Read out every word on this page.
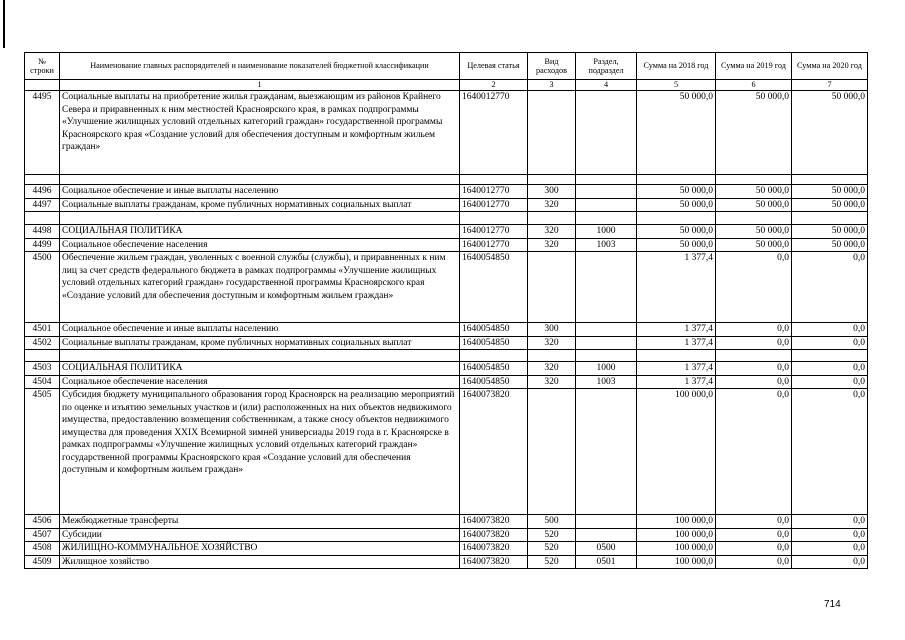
№ строки	Наименование главных распорядителей и наименование показателей бюджетной классификации	Целевая статья	Вид расходов	Раздел, подраздел	Сумма на 2018 год	Сумма на 2019 год	Сумма на 2020 год
	1	2	3	4	5	6	7
4495	Социальные выплаты на приобретение жилья гражданам, выезжающим из районов Крайнего Севера и приравненных к ним местностей Красноярского края, в рамках подпрограммы «Улучшение жилищных условий отдельных категорий граждан» государственной программы Красноярского края «Создание условий для обеспечения доступным и комфортным жильем граждан»	1640012770			50 000,0	50 000,0	50 000,0

4496	Социальное обеспечение и иные выплаты населению	1640012770	300		50 000,0	50 000,0	50 000,0
4497	Социальные выплаты гражданам, кроме публичных нормативных социальных выплат	1640012770	320		50 000,0	50 000,0	50 000,0

4498	СОЦИАЛЬНАЯ ПОЛИТИКА	1640012770	320	1000	50 000,0	50 000,0	50 000,0
4499	Социальное обеспечение населения	1640012770	320	1003	50 000,0	50 000,0	50 000,0
4500	Обеспечение жильем граждан, уволенных с военной службы (службы), и приравненных к ним лиц за счет средств федерального бюджета в рамках подпрограммы «Улучшение жилищных условий отдельных категорий граждан» государственной программы Красноярского края «Создание условий для обеспечения доступным и комфортным жильем граждан»	1640054850			1 377,4	0,0	0,0
4501	Социальное обеспечение и иные выплаты населению	1640054850	300		1 377,4	0,0	0,0
4502	Социальные выплаты гражданам, кроме публичных нормативных социальных выплат	1640054850	320		1 377,4	0,0	0,0

4503	СОЦИАЛЬНАЯ ПОЛИТИКА	1640054850	320	1000	1 377,4	0,0	0,0
4504	Социальное обеспечение населения	1640054850	320	1003	1 377,4	0,0	0,0
4505	Субсидия бюджету муниципального образования город Красноярск на реализацию мероприятий по оценке и изъятию земельных участков и (или) расположенных на них объектов недвижимого имущества, предоставлению возмещения собственникам, а также сносу объектов недвижимого имущества для проведения XXIX Всемирной зимней универсиады 2019 года в г. Красноярске в рамках подпрограммы «Улучшение жилищных условий отдельных категорий граждан» государственной программы Красноярского края «Создание условий для обеспечения доступным и комфортным жильем граждан»	1640073820			100 000,0	0,0	0,0
4506	Межбюджетные трансферты	1640073820	500		100 000,0	0,0	0,0
4507	Субсидии	1640073820	520		100 000,0	0,0	0,0
4508	ЖИЛИЩНО-КОММУНАЛЬНОЕ ХОЗЯЙСТВО	1640073820	520	0500	100 000,0	0,0	0,0
4509	Жилищное хозяйство	1640073820	520	0501	100 000,0	0,0	0,0
714
